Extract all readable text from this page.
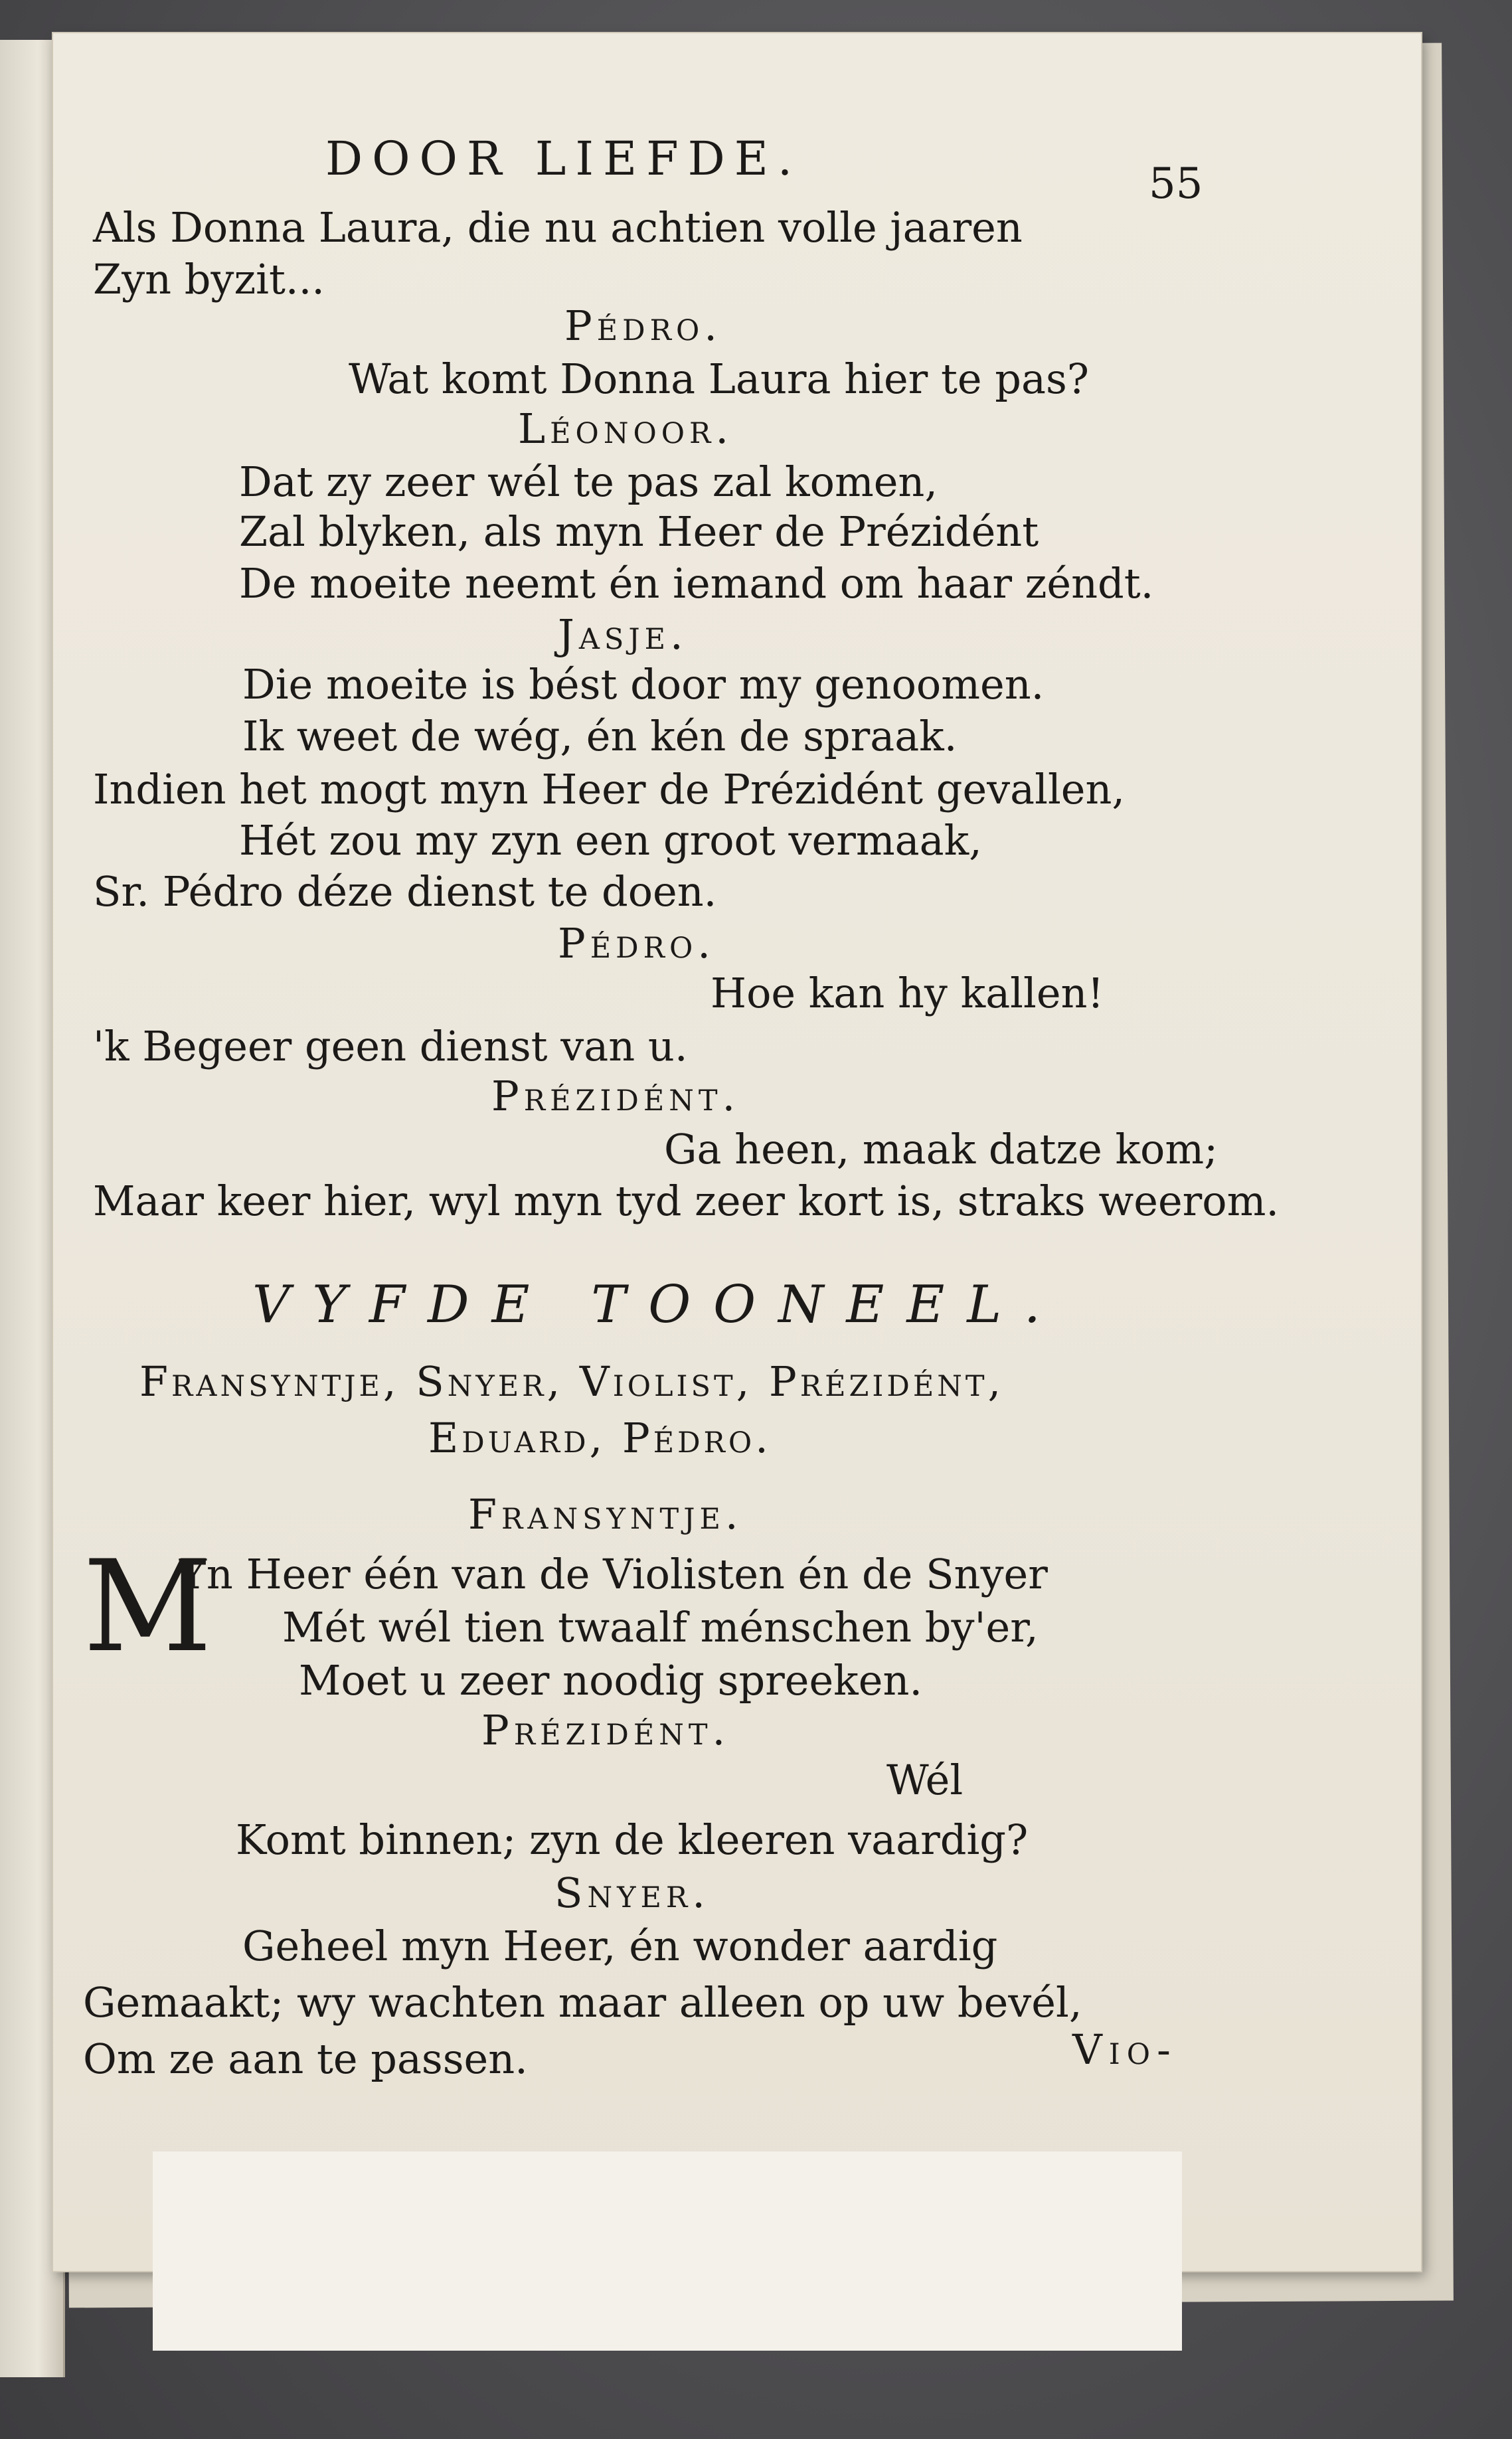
DOOR LIEFDE.	55
Als Donna Laura, die nu achtien volle jaaren
Zyn byzit...
Pédro.
Wat komt Donna Laura hier te pas?
Léonoor.
Dat zy zeer wél te pas zal komen,
Zal blyken, als myn Heer de Prézidént
De moeite neemt én iemand om haar zéndt.
Jasje.
Die moeite is bést door my genoomen.
Ik weet de wég, én kén de spraak.
Indien het mogt myn Heer de Prézidént gevallen,
Hét zou my zyn een groot vermaak,
Sr. Pédro déze dienst te doen.
Pédro.
Hoe kan hy kallen!
'k Begeer geen dienst van u.
Prézidént.
Ga heen, maak datze kom;
Maar keer hier, wyl myn tyd zeer kort is, straks weerom.
VYFDE TOONEEL.
Fransyntje, Snyer, Violist, Prézidént,
Eduard, Pédro.
Fransyntje.
M
Yn Heer één van de Violisten én de Snyer
Mét wél tien twaalf ménschen by'er,
Moet u zeer noodig spreeken.
Prézidént.
Wél
Komt binnen; zyn de kleeren vaardig?
Snyer.
Geheel myn Heer, én wonder aardig
Gemaakt; wy wachten maar alleen op uw bevél,
Om ze aan te passen.	Vio-
